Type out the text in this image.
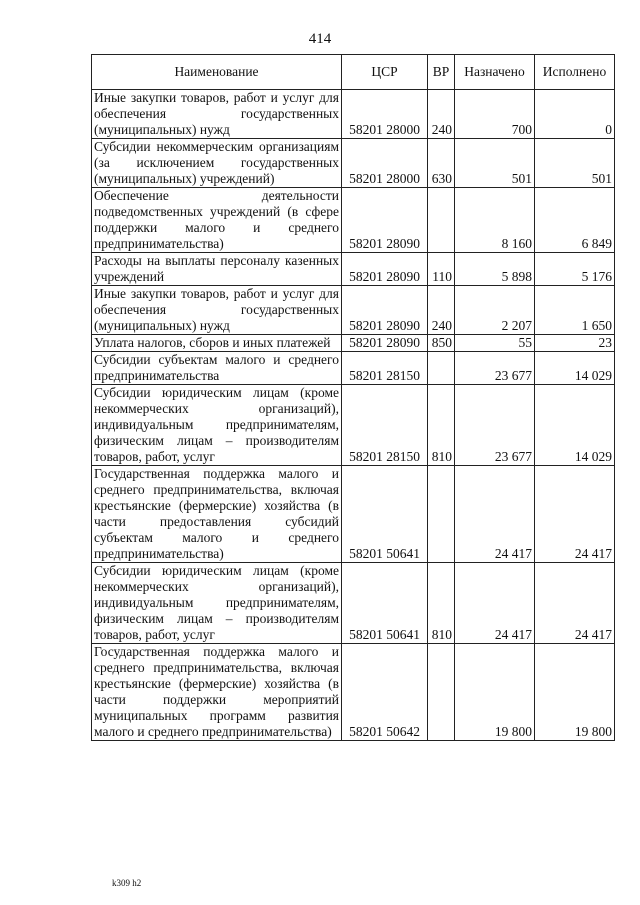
414
Наименование	ЦСР	ВР	Назначено	Исполнено
Иные закупки товаров, работ и услуг для обеспечения государственных (муниципальных) нужд	58201 28000	240	700	0
Субсидии некоммерческим организациям (за исключением государственных (муниципальных) учреждений)	58201 28000	630	501	501
Обеспечение деятельности подведомственных учреждений (в сфере поддержки малого и среднего предпринимательства)	58201 28090		8 160	6 849
Расходы на выплаты персоналу казенных учреждений	58201 28090	110	5 898	5 176
Иные закупки товаров, работ и услуг для обеспечения государственных (муниципальных) нужд	58201 28090	240	2 207	1 650
Уплата налогов, сборов и иных платежей	58201 28090	850	55	23
Субсидии субъектам малого и среднего предпринимательства	58201 28150		23 677	14 029
Субсидии юридическим лицам (кроме некоммерческих организаций), индивидуальным предпринимателям, физическим лицам – производителям товаров, работ, услуг	58201 28150	810	23 677	14 029
Государственная поддержка малого и среднего предпринимательства, включая крестьянские (фермерские) хозяйства (в части предоставления субсидий субъектам малого и среднего предпринимательства)	58201 50641		24 417	24 417
Субсидии юридическим лицам (кроме некоммерческих организаций), индивидуальным предпринимателям, физическим лицам – производителям товаров, работ, услуг	58201 50641	810	24 417	24 417
Государственная поддержка малого и среднего предпринимательства, включая крестьянские (фермерские) хозяйства (в части поддержки мероприятий муниципальных программ развития малого и среднего предпринимательства)	58201 50642		19 800	19 800
k309 h2
